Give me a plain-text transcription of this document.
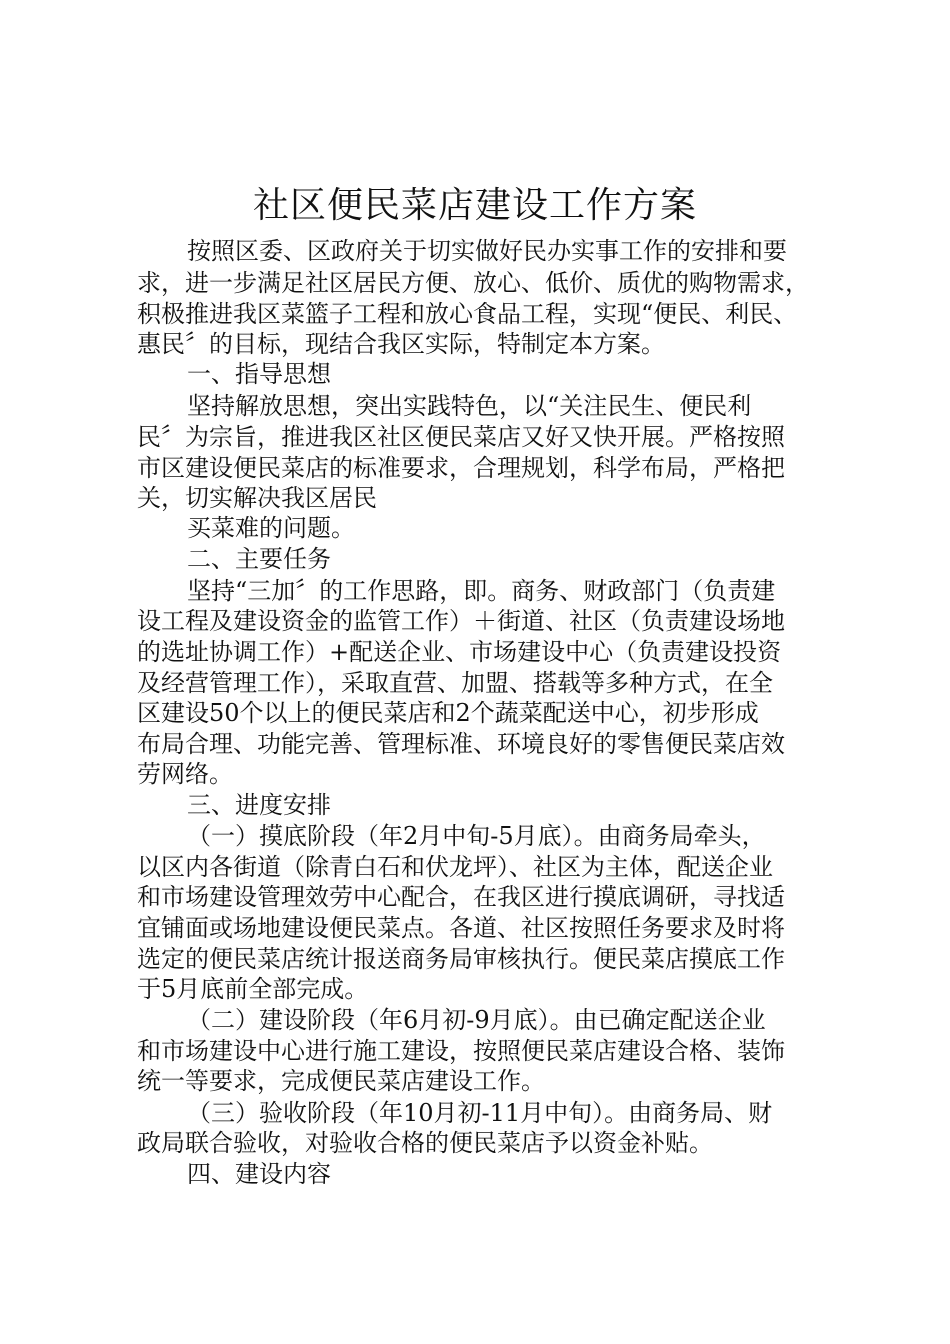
社区便民菜店建设工作方案

按照区委、区政府关于切实做好民办实事工作的安排和要

求，进一步满足社区居民方便、放心、低价、质优的购物需求，

积极推进我区菜篮子工程和放心食品工程，实现“便民、利民、

惠民〞的目标，现结合我区实际，特制定本方案。

一、指导思想

坚持解放思想，突出实践特色，以“关注民生、便民利

民〞为宗旨，推进我区社区便民菜店又好又快开展。严格按照

市区建设便民菜店的标准要求，合理规划，科学布局，严格把

关，切实解决我区居民

买菜难的问题。

二、主要任务

坚持“三加〞的工作思路，即。商务、财政部门（负责建

设工程及建设资金的监管工作）＋街道、社区（负责建设场地

的选址协调工作）+配送企业、市场建设中心（负责建设投资

及经营管理工作），采取直营、加盟、搭载等多种方式，在全

区建设50个以上的便民菜店和2个蔬菜配送中心，初步形成

布局合理、功能完善、管理标准、环境良好的零售便民菜店效

劳网络。

三、进度安排

（一）摸底阶段（年2月中旬-5月底）。由商务局牵头，

以区内各街道（除青白石和伏龙坪）、社区为主体，配送企业

和市场建设管理效劳中心配合，在我区进行摸底调研，寻找适

宜铺面或场地建设便民菜点。各道、社区按照任务要求及时将

选定的便民菜店统计报送商务局审核执行。便民菜店摸底工作

于5月底前全部完成。

（二）建设阶段（年6月初-9月底）。由已确定配送企业

和市场建设中心进行施工建设，按照便民菜店建设合格、装饰

统一等要求，完成便民菜店建设工作。

（三）验收阶段（年10月初-11月中旬）。由商务局、财

政局联合验收，对验收合格的便民菜店予以资金补贴。

四、建设内容
